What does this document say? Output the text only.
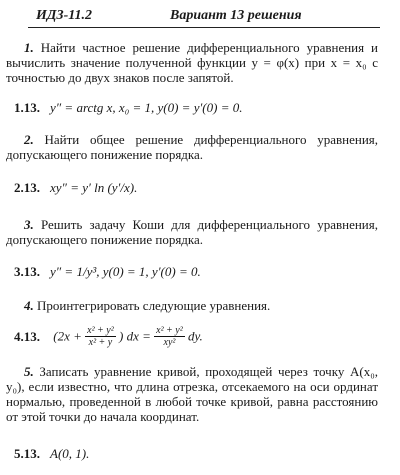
ИДЗ-11.2	Вариант 13 решения
1. Найти частное решение дифференциального уравнения и вычислить значение полученной функции y = φ(x) при x = x₀ с точностью до двух знаков после запятой.
1.13. y″ = arctg x, x₀ = 1, y(0) = y′(0) = 0.
2. Найти общее решение дифференциального уравнения, допускающего понижение порядка.
2.13. xy″ = y′ ln (y′/x).
3. Решить задачу Коши для дифференциального уравнения, допускающего понижение порядка.
3.13. y″ = 1/y³, y(0) = 1, y′(0) = 0.
4. Проинтегрировать следующие уравнения.
4.13. ($2x + \frac{\text{x² + y²}}{\text{x² + y}}$ ) dx = $\frac{\text{x² + y²}}{\text{xy²}}$ dy.
5. Записать уравнение кривой, проходящей через точку A(x₀, y₀), если известно, что длина отрезка, отсекаемого на оси ординат нормалью, проведенной в любой точке кривой, равна расстоянию от этой точки до начала координат.
5.13. A(0, 1).
